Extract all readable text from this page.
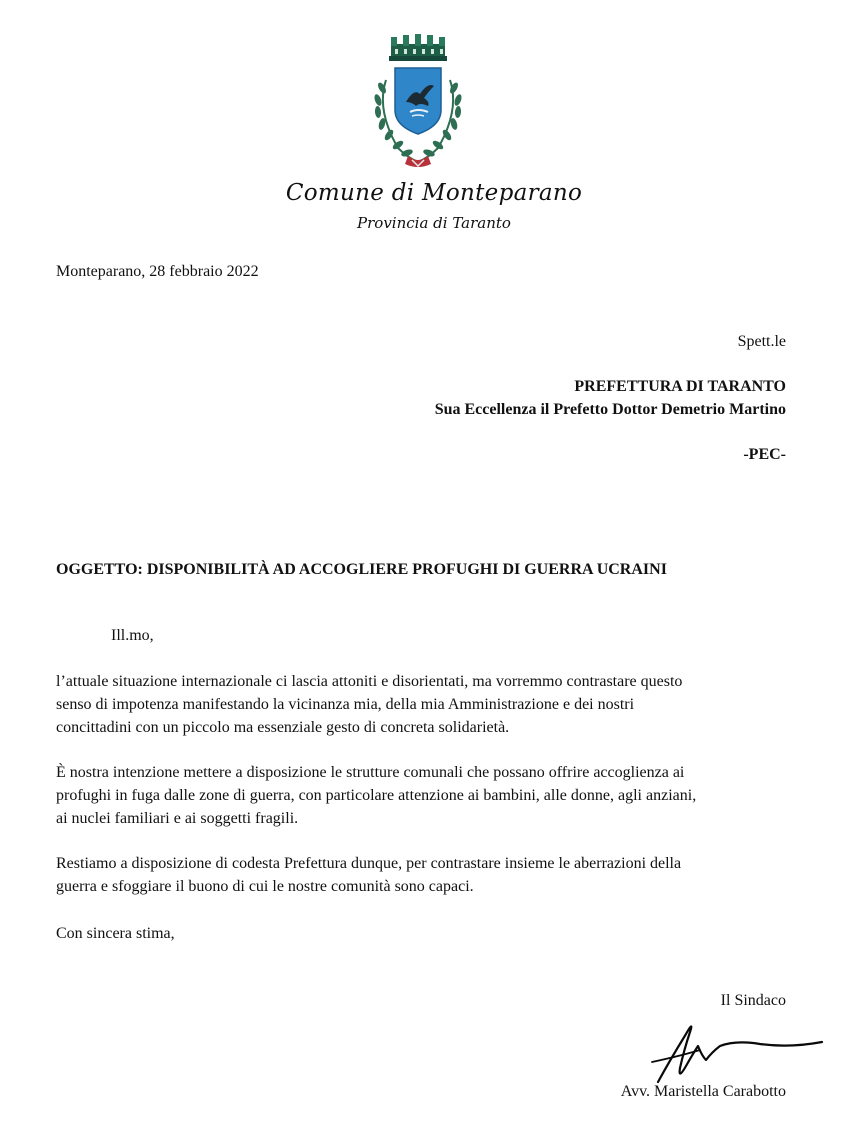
Comune di Monteparano
Provincia di Taranto
Monteparano, 28 febbraio 2022
Spett.le
PREFETTURA DI TARANTO
Sua Eccellenza il Prefetto Dottor Demetrio Martino
-PEC-
OGGETTO: DISPONIBILITÀ AD ACCOGLIERE PROFUGHI DI GUERRA UCRAINI
Ill.mo,
l’attuale situazione internazionale ci lascia attoniti e disorientati, ma vorremmo contrastare questo
senso di impotenza manifestando la vicinanza mia, della mia Amministrazione e dei nostri
concittadini con un piccolo ma essenziale gesto di concreta solidarietà.
È nostra intenzione mettere a disposizione le strutture comunali che possano offrire accoglienza ai
profughi in fuga dalle zone di guerra, con particolare attenzione ai bambini, alle donne, agli anziani,
ai nuclei familiari e ai soggetti fragili.
Restiamo a disposizione di codesta Prefettura dunque, per contrastare insieme le aberrazioni della
guerra e sfoggiare il buono di cui le nostre comunità sono capaci.
Con sincera stima,
Il Sindaco
Avv. Maristella Carabotto
